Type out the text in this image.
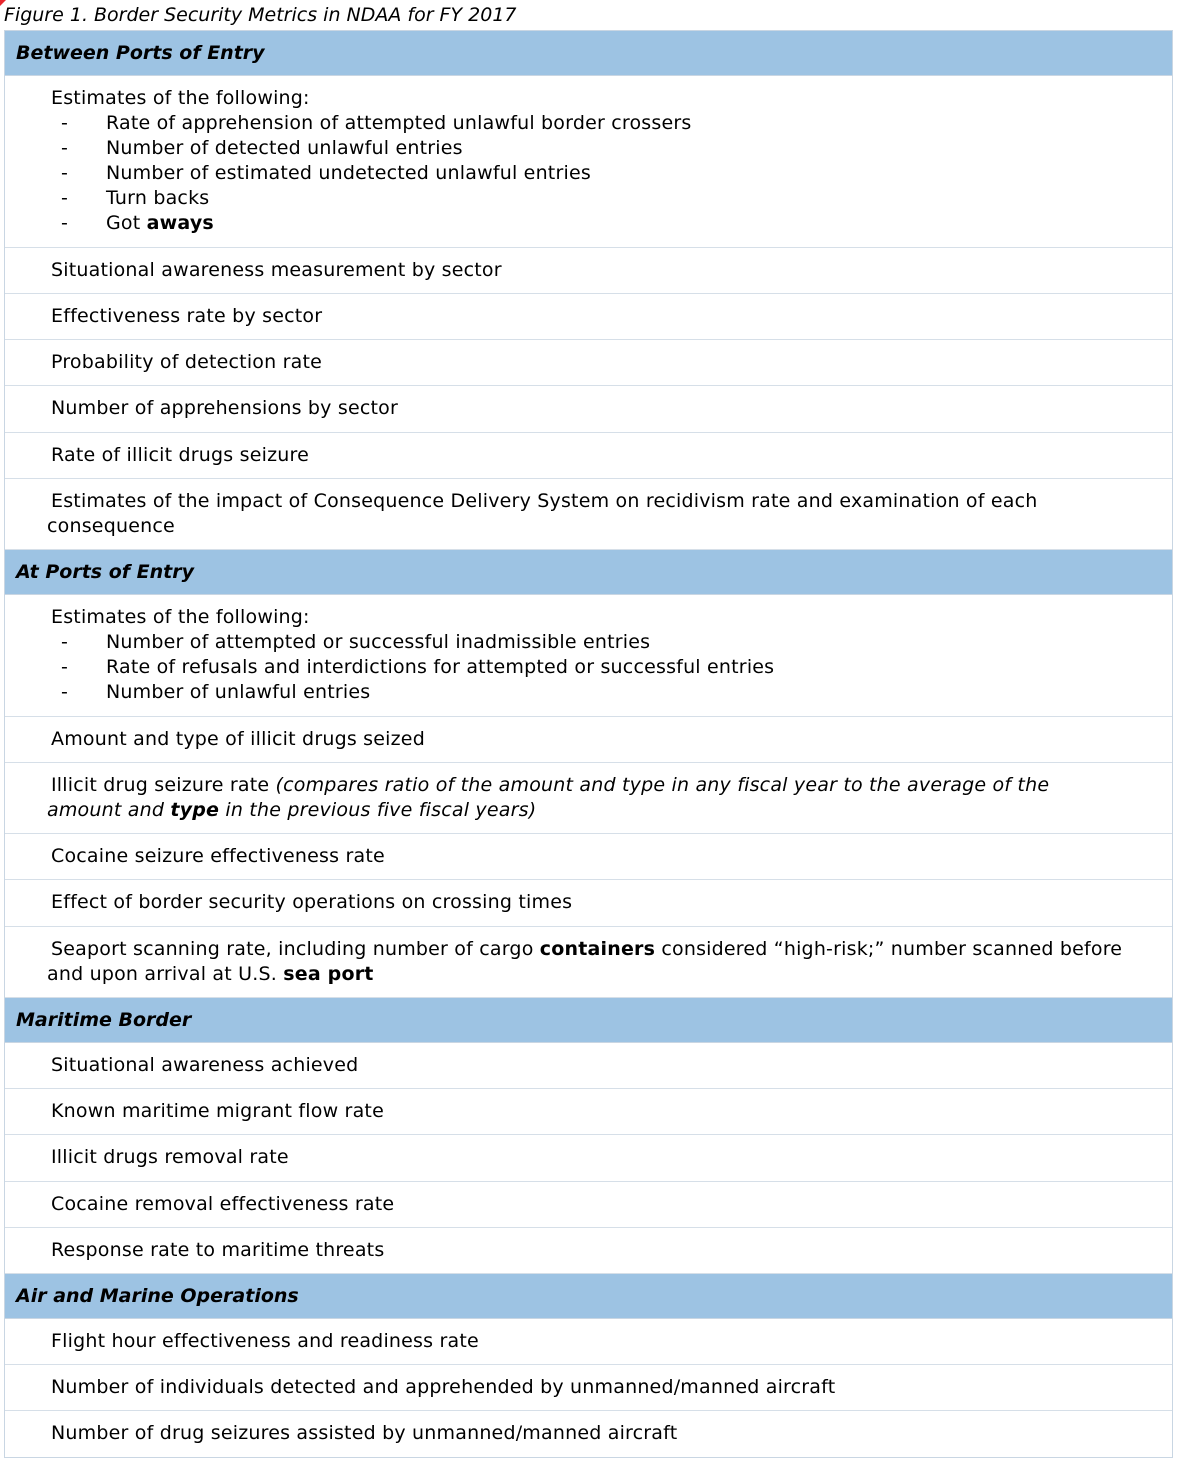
Figure 1. Border Security Metrics in NDAA for FY 2017
Between Ports of Entry
Estimates of the following:
- Rate of apprehension of attempted unlawful border crossers
- Number of detected unlawful entries
- Number of estimated undetected unlawful entries
- Turn backs
- Got aways
Situational awareness measurement by sector
Effectiveness rate by sector
Probability of detection rate
Number of apprehensions by sector
Rate of illicit drugs seizure
Estimates of the impact of Consequence Delivery System on recidivism rate and examination of each
consequence
At Ports of Entry
Estimates of the following:
- Number of attempted or successful inadmissible entries
- Rate of refusals and interdictions for attempted or successful entries
- Number of unlawful entries
Amount and type of illicit drugs seized
Illicit drug seizure rate (compares ratio of the amount and type in any fiscal year to the average of the
amount and type in the previous five fiscal years)
Cocaine seizure effectiveness rate
Effect of border security operations on crossing times
Seaport scanning rate, including number of cargo containers considered “high-risk;” number scanned before
and upon arrival at U.S. sea port
Maritime Border
Situational awareness achieved
Known maritime migrant flow rate
Illicit drugs removal rate
Cocaine removal effectiveness rate
Response rate to maritime threats
Air and Marine Operations
Flight hour effectiveness and readiness rate
Number of individuals detected and apprehended by unmanned/manned aircraft
Number of drug seizures assisted by unmanned/manned aircraft
